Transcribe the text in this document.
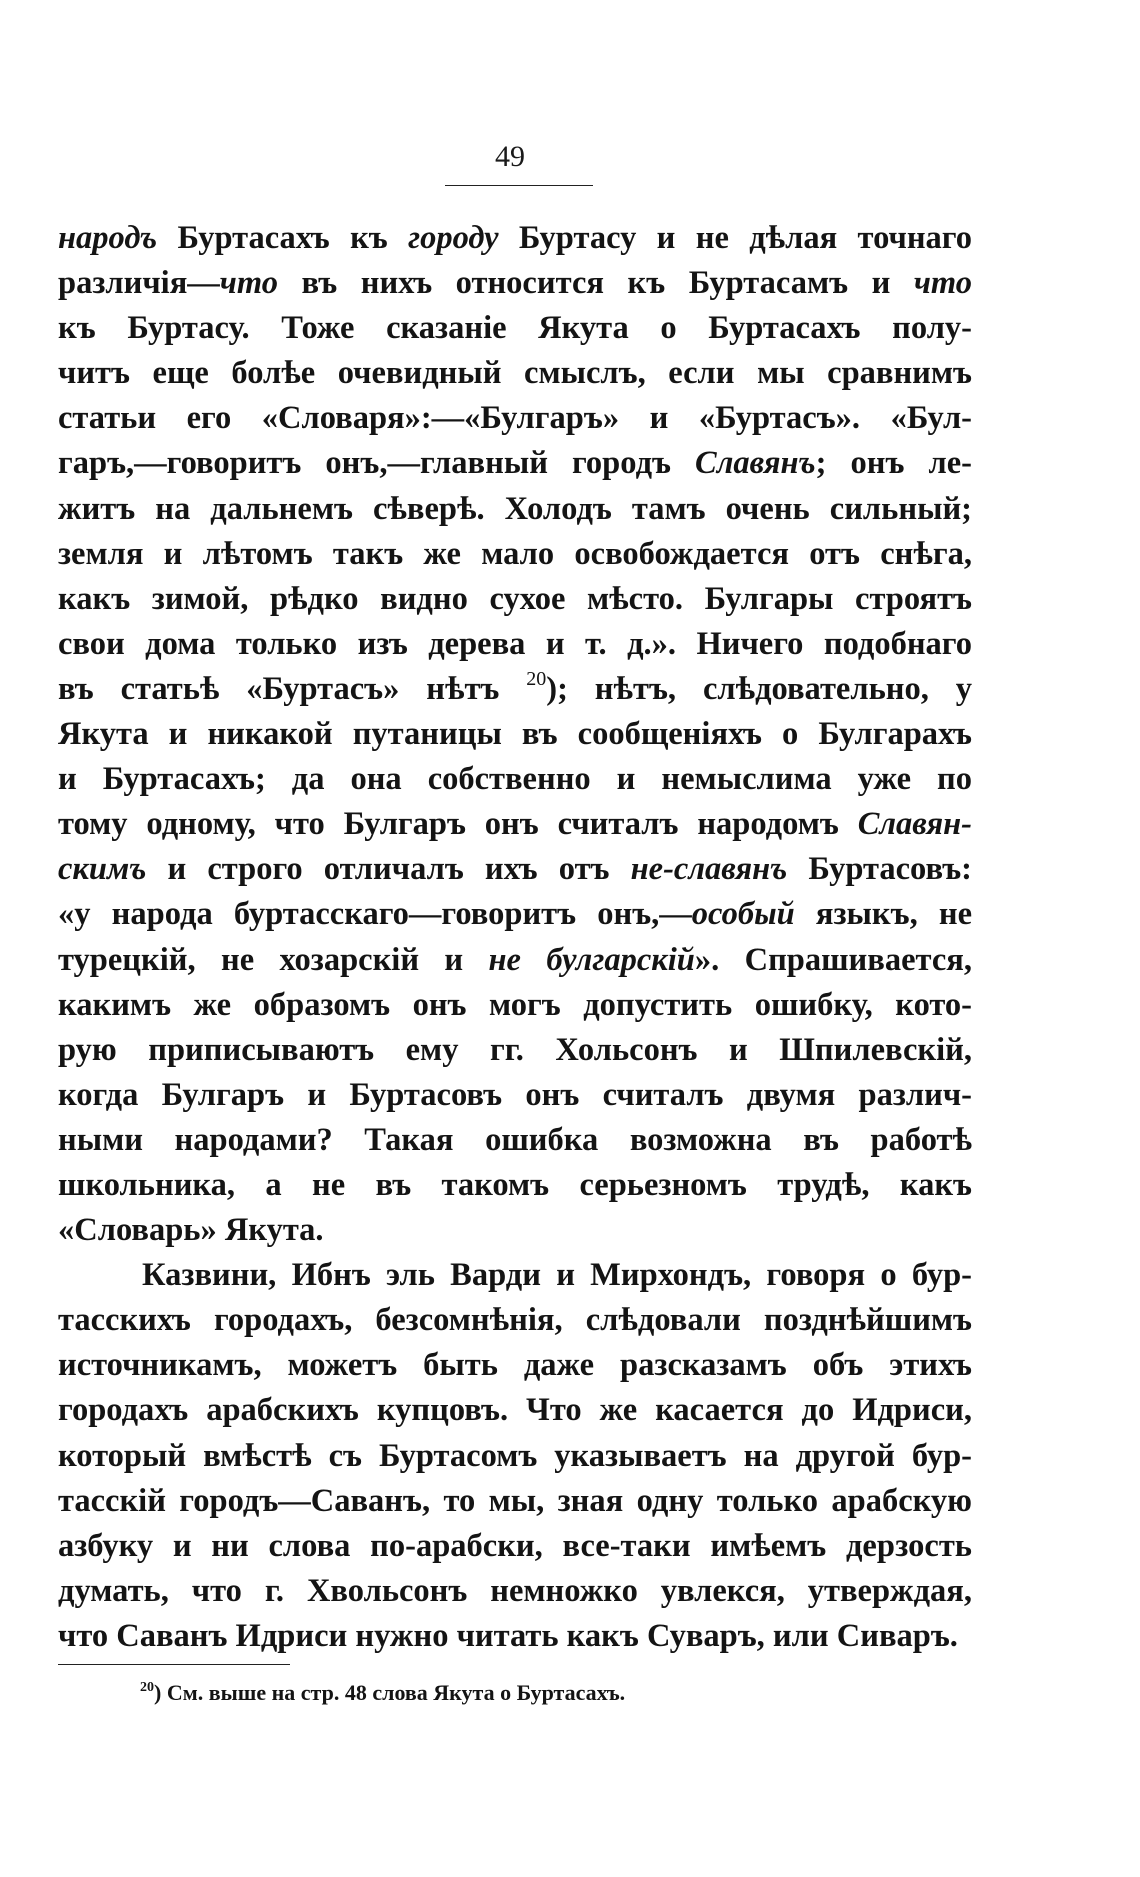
49
народъ Буртасахъ къ городу Буртасу и не дѣлая точнаго
различія—что въ нихъ относится къ Буртасамъ и что
къ Буртасу. Тоже сказаніе Якута о Буртасахъ полу-
читъ еще болѣе очевидный смыслъ, если мы сравнимъ
статьи его «Словаря»:—«Булгаръ» и «Буртасъ». «Бул-
гаръ,—говоритъ онъ,—главный городъ Славянъ; онъ ле-
житъ на дальнемъ сѣверѣ. Холодъ тамъ очень сильный;
земля и лѣтомъ такъ же мало освобождается отъ снѣга,
какъ зимой, рѣдко видно сухое мѣсто. Булгары строятъ
свои дома только изъ дерева и т. д.». Ничего подобнаго
въ статьѣ «Буртасъ» нѣтъ $^{20}$); нѣтъ, слѣдовательно, у
Якута и никакой путаницы въ сообщеніяхъ о Булгарахъ
и Буртасахъ; да она собственно и немыслима уже по
тому одному, что Булгаръ онъ считалъ народомъ Славян-
скимъ и строго отличалъ ихъ отъ не-славянъ Буртасовъ:
«у народа буртасскаго—говоритъ онъ,—особый языкъ, не
турецкій, не хозарскій и не булгарскій». Спрашивается,
какимъ же образомъ онъ могъ допустить ошибку, кото-
рую приписываютъ ему гг. Хольсонъ и Шпилевскій,
когда Булгаръ и Буртасовъ онъ считалъ двумя различ-
ными народами? Такая ошибка возможна въ работѣ
школьника, а не въ такомъ серьезномъ трудѣ, какъ
«Словарь» Якута.
Казвини, Ибнъ эль Варди и Мирхондъ, говоря о бур-
тасскихъ городахъ, безсомнѣнія, слѣдовали позднѣйшимъ
источникамъ, можетъ быть даже разсказамъ объ этихъ
городахъ арабскихъ купцовъ. Что же касается до Идриси,
который вмѣстѣ съ Буртасомъ указываетъ на другой бур-
тасскій городъ—Саванъ, то мы, зная одну только арабскую
азбуку и ни слова по-арабски, все-таки имѣемъ дерзость
думать, что г. Хвольсонъ немножко увлекся, утверждая,
что Саванъ Идриси нужно читать какъ Суваръ, или Сиваръ.
$^{20}$) См. выше на стр. 48 слова Якута о Буртасахъ.
